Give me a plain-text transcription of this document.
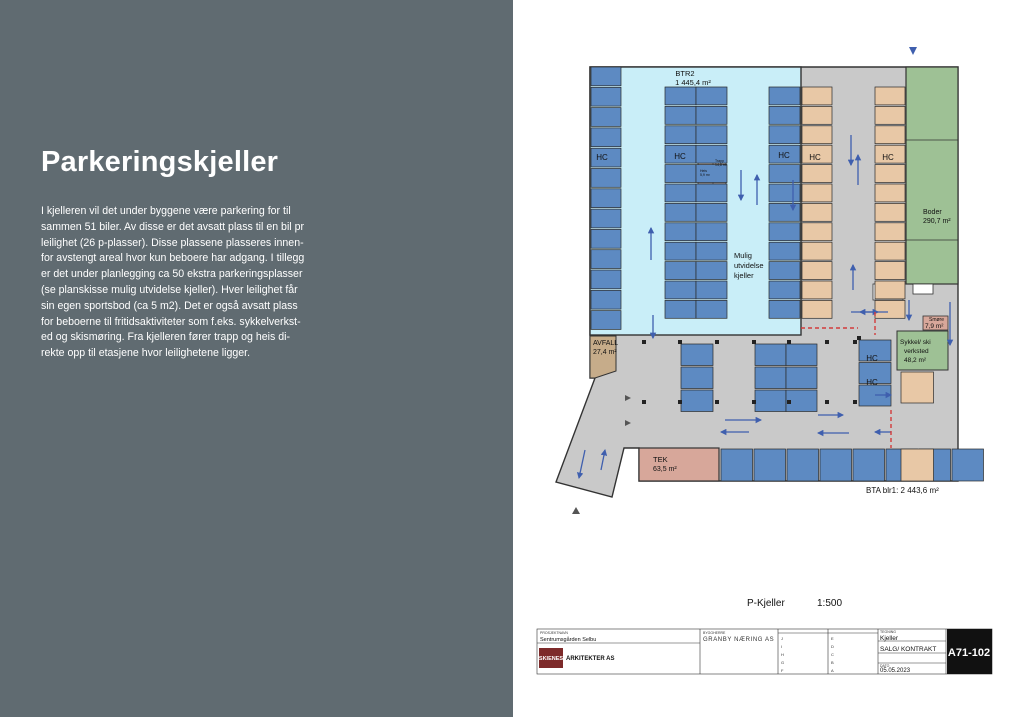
Parkeringskjeller

I kjelleren vil det under byggene være parkering for til
sammen 51 biler. Av disse er det avsatt plass til en bil pr
leilighet (26 p-plasser). Disse plassene plasseres innen-
for avstengt areal hvor kun beboere har adgang. I tillegg
er det under planlegging ca 50 ekstra parkeringsplasser
(se planskisse mulig utvidelse kjeller). Hver leilighet får
sin egen sportsbod (ca 5 m2). Det er også avsatt plass
for beboerne til fritidsaktiviteter som f.eks. sykkelverkst-
ed og skismøring. Fra kjelleren fører trapp og heis di-
rekte opp til etasjene hvor leilighetene ligger.

BTR2
1 445,4 m²
Mulig
utvidelse
kjeller
HC	HC	HC HC	HC
HC
HC
Boder
290,7 m²
AVFALL
27,4 m²
Sykkel/ ski
verksted
48,2 m²
Smøre
7,9 m²
TEK
63,5 m²
Heis
5,9 m²
Trapp
14,8 m²
BTA blr1: 2 443,6 m²
P-Kjeller	1:500
A71-102
PROSJEKTNAVN
Sentrumsgården Selbu
BYGGHERRE
GRANBY NÆRING AS
TEGNING
Kjeller
SALG/ KONTRAKT
DATO
05.05.2023
SKIENES ARKITEKTER AS
J
I
H
G
F
E
D
C
B
A
